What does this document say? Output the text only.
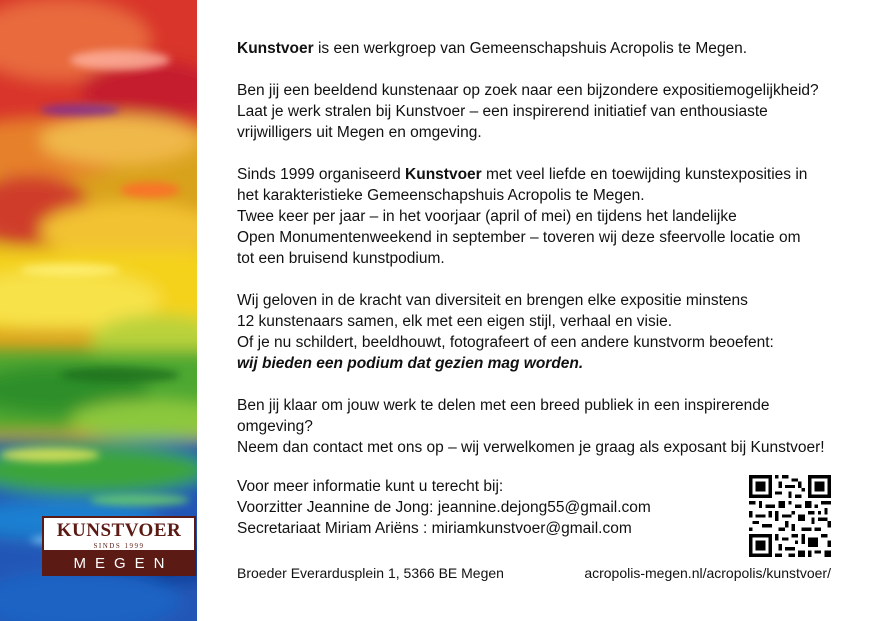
KUNSTVOER
SINDS 1999
MEGEN

Kunstvoer is een werkgroep van Gemeenschapshuis Acropolis te Megen.

Ben jij een beeldend kunstenaar op zoek naar een bijzondere expositiemogelijkheid?
Laat je werk stralen bij Kunstvoer – een inspirerend initiatief van enthousiaste
vrijwilligers uit Megen en omgeving.

Sinds 1999 organiseerd Kunstvoer met veel liefde en toewijding kunstexposities in
het karakteristieke Gemeenschapshuis Acropolis te Megen.
Twee keer per jaar – in het voorjaar (april of mei) en tijdens het landelijke
Open Monumentenweekend in september – toveren wij deze sfeervolle locatie om
tot een bruisend kunstpodium.

Wij geloven in de kracht van diversiteit en brengen elke expositie minstens
12 kunstenaars samen, elk met een eigen stijl, verhaal en visie.
Of je nu schildert, beeldhouwt, fotografeert of een andere kunstvorm beoefent:
wij bieden een podium dat gezien mag worden.

Ben jij klaar om jouw werk te delen met een breed publiek in een inspirerende
omgeving?
Neem dan contact met ons op – wij verwelkomen je graag als exposant bij Kunstvoer!

Voor meer informatie kunt u terecht bij:
Voorzitter Jeannine de Jong: jeannine.dejong55@gmail.com
Secretariaat Miriam Ariëns : miriamkunstvoer@gmail.com
Broeder Everardusplein 1, 5366 BE Megen	acropolis-megen.nl/acropolis/kunstvoer/
